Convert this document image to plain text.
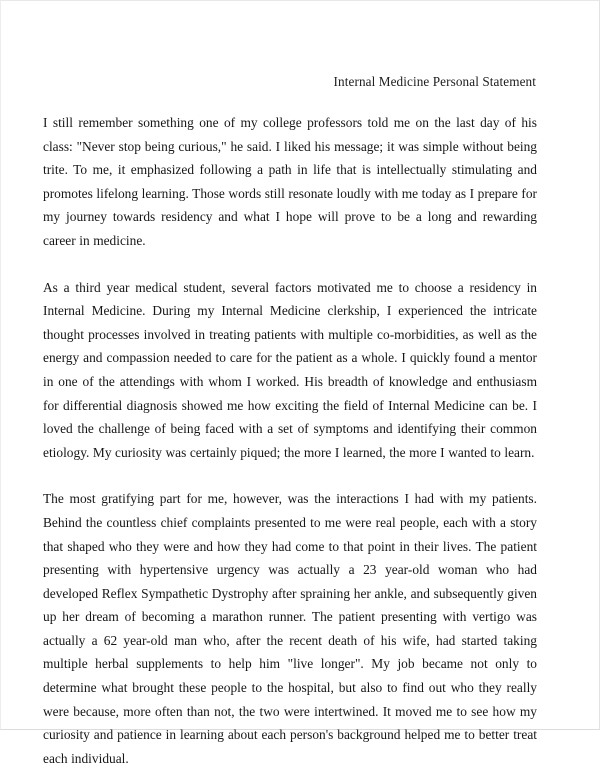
Internal Medicine Personal Statement

I still remember something one of my college professors told me on the last day of his class: "Never stop being curious," he said. I liked his message; it was simple without being trite. To me, it emphasized following a path in life that is intellectually stimulating and promotes lifelong learning. Those words still resonate loudly with me today as I prepare for my journey towards residency and what I hope will prove to be a long and rewarding career in medicine.

As a third year medical student, several factors motivated me to choose a residency in Internal Medicine. During my Internal Medicine clerkship, I experienced the intricate thought processes involved in treating patients with multiple co-morbidities, as well as the energy and compassion needed to care for the patient as a whole. I quickly found a mentor in one of the attendings with whom I worked. His breadth of knowledge and enthusiasm for differential diagnosis showed me how exciting the field of Internal Medicine can be. I loved the challenge of being faced with a set of symptoms and identifying their common etiology. My curiosity was certainly piqued; the more I learned, the more I wanted to learn.

The most gratifying part for me, however, was the interactions I had with my patients. Behind the countless chief complaints presented to me were real people, each with a story that shaped who they were and how they had come to that point in their lives. The patient presenting with hypertensive urgency was actually a 23 year-old woman who had developed Reflex Sympathetic Dystrophy after spraining her ankle, and subsequently given up her dream of becoming a marathon runner. The patient presenting with vertigo was actually a 62 year-old man who, after the recent death of his wife, had started taking multiple herbal supplements to help him "live longer". My job became not only to determine what brought these people to the hospital, but also to find out who they really were because, more often than not, the two were intertwined. It moved me to see how my curiosity and patience in learning about each person's background helped me to better treat each individual.
